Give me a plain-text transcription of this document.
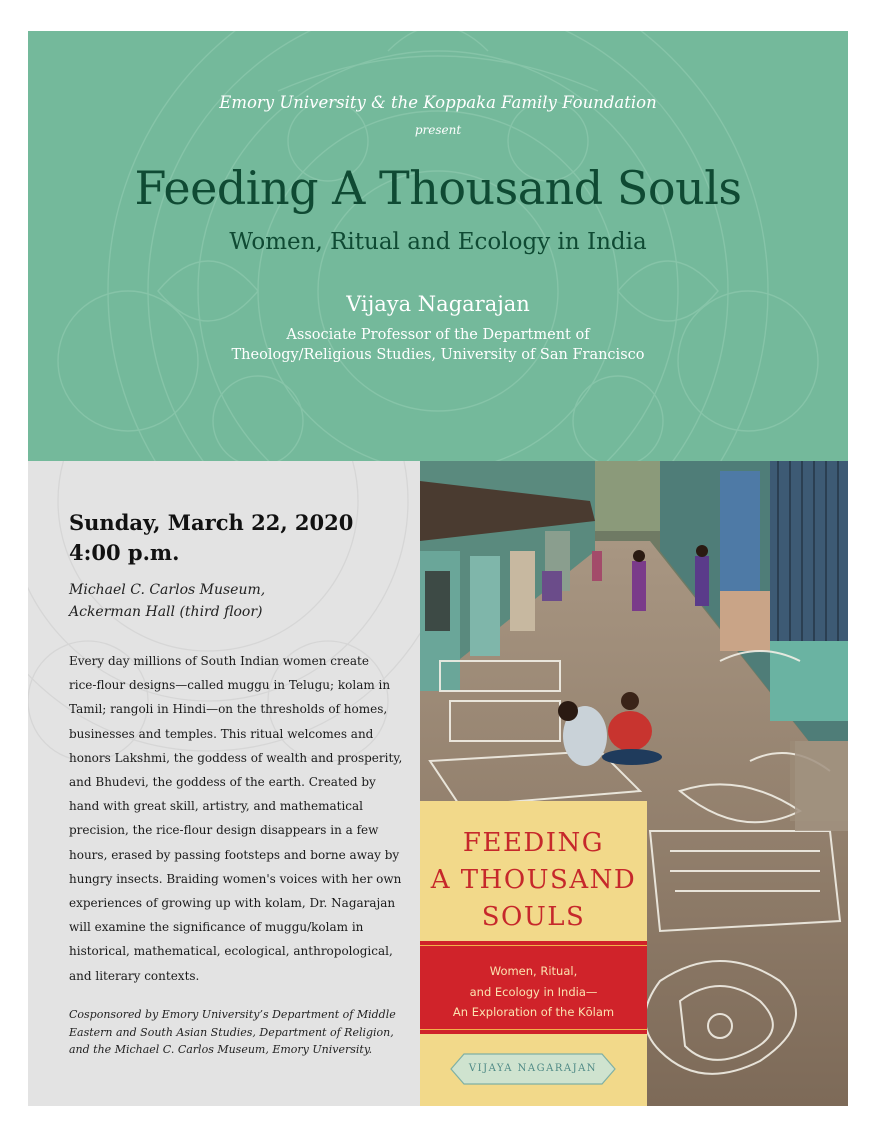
Emory University & the Koppaka Family Foundation
present
Feeding A Thousand Souls
Women, Ritual and Ecology in India
Vijaya Nagarajan
Associate Professor of the Department of
Theology/Religious Studies, University of San Francisco
Sunday, March 22, 2020
4:00 p.m.
Michael C. Carlos Museum,
Ackerman Hall (third floor)
Every day millions of South Indian women create
rice-flour designs—called muggu in Telugu; kolam in
Tamil; rangoli in Hindi—on the thresholds of homes,
businesses and temples. This ritual welcomes and
honors Lakshmi, the goddess of wealth and prosperity,
and Bhudevi, the goddess of the earth. Created by
hand with great skill, artistry, and mathematical
precision, the rice-flour design disappears in a few
hours, erased by passing footsteps and borne away by
hungry insects. Braiding women's voices with her own
experiences of growing up with kolam, Dr. Nagarajan
will examine the significance of muggu/kolam in
historical, mathematical, ecological, anthropological,
and literary contexts.
Cosponsored by Emory University’s Department of Middle
Eastern and South Asian Studies, Department of Religion,
and the Michael C. Carlos Museum, Emory University.
FEEDING
A THOUSAND
SOULS
Women, Ritual,
and Ecology in India—
An Exploration of the Kōlam
VIJAYA NAGARAJAN
